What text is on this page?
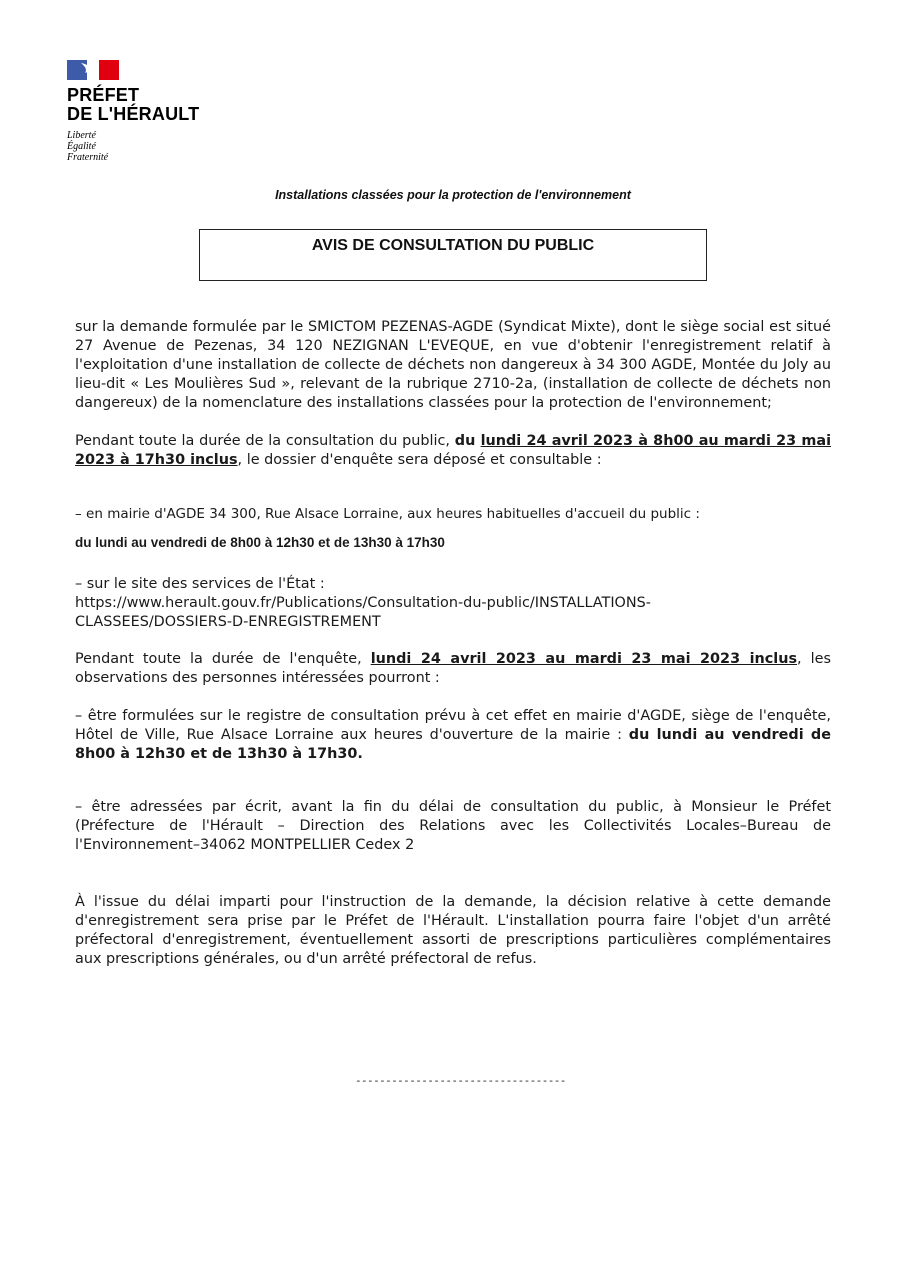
PRÉFET
DE L'HÉRAULT
Liberté
Égalité
Fraternité
Installations classées pour la protection de l'environnement
AVIS DE CONSULTATION DU PUBLIC

sur la demande formulée par le SMICTOM PEZENAS-AGDE (Syndicat Mixte), dont le siège social est situé 27 Avenue de Pezenas, 34 120 NEZIGNAN L'EVEQUE, en vue d'obtenir l'enregistrement relatif à l'exploitation d'une installation de collecte de déchets non dangereux à 34 300 AGDE, Montée du Joly au lieu-dit « Les Moulières Sud », relevant de la rubrique 2710-2a, (installation de collecte de déchets non dangereux) de la nomenclature des installations classées pour la protection de l'environnement;

Pendant toute la durée de la consultation du public, du lundi 24 avril 2023 à 8h00 au mardi 23 mai 2023 à 17h30 inclus, le dossier d'enquête sera déposé et consultable :

– en mairie d'AGDE 34 300, Rue Alsace Lorraine, aux heures habituelles d'accueil du public :

du lundi au vendredi de 8h00 à 12h30 et de 13h30 à 17h30

– sur le site des services de l'État :

https://www.herault.gouv.fr/Publications/Consultation-du-public/INSTALLATIONS-CLASSEES/DOSSIERS-D-ENREGISTREMENT

Pendant toute la durée de l'enquête, lundi 24 avril 2023 au mardi 23 mai 2023 inclus, les observations des personnes intéressées pourront :

– être formulées sur le registre de consultation prévu à cet effet en mairie d'AGDE, siège de l'enquête, Hôtel de Ville, Rue Alsace Lorraine aux heures d'ouverture de la mairie : du lundi au vendredi de 8h00 à 12h30 et de 13h30 à 17h30.

– être adressées par écrit, avant la fin du délai de consultation du public, à Monsieur le Préfet (Préfecture de l'Hérault – Direction des Relations avec les Collectivités Locales–Bureau de l'Environnement–34062 MONTPELLIER Cedex 2

À l'issue du délai imparti pour l'instruction de la demande, la décision relative à cette demande d'enregistrement sera prise par le Préfet de l'Hérault. L'installation pourra faire l'objet d'un arrêté préfectoral d'enregistrement, éventuellement assorti de prescriptions particulières complémentaires aux prescriptions générales, ou d'un arrêté préfectoral de refus.

-----------------------------------
